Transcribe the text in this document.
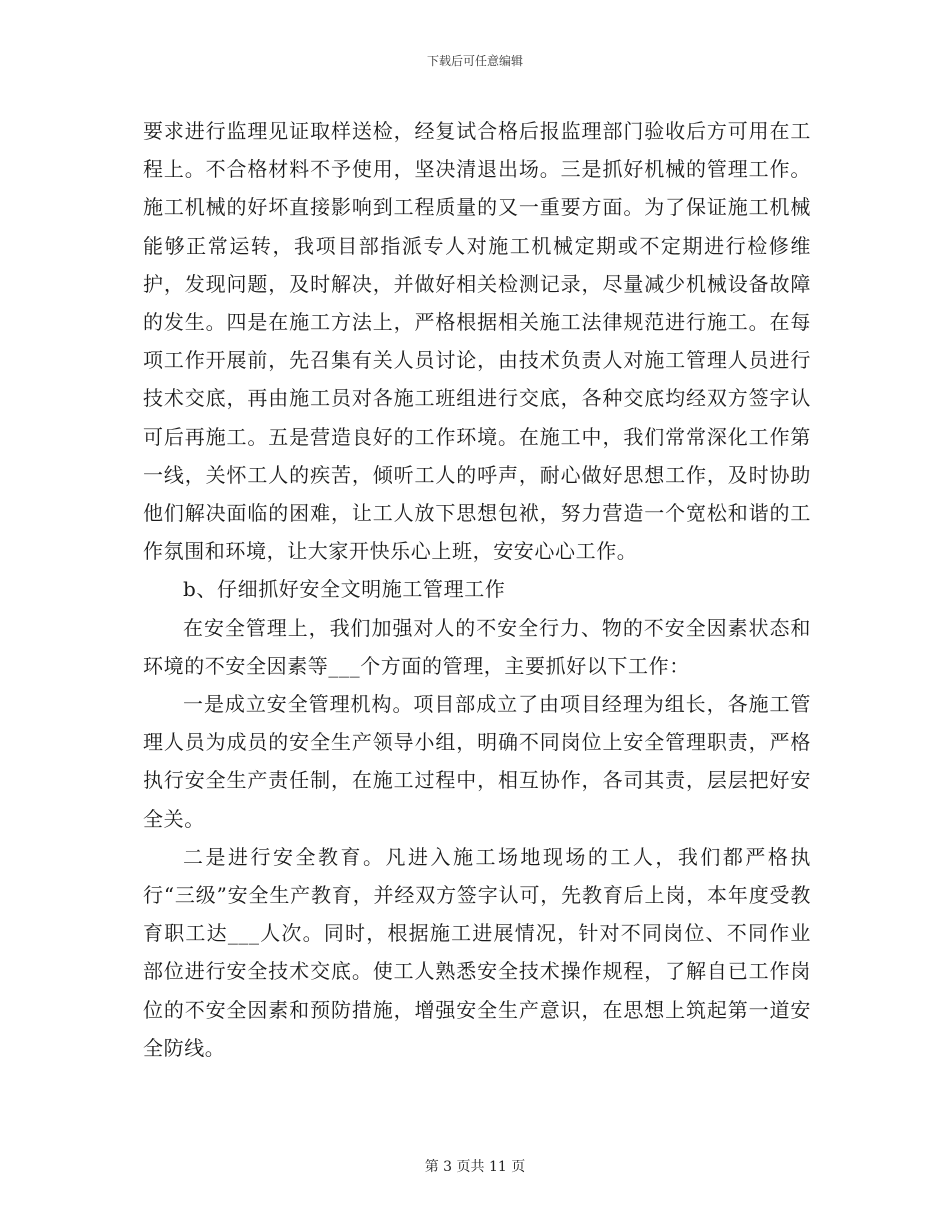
下载后可任意编辑

要求进行监理见证取样送检，经复试合格后报监理部门验收后方可用在工程上。不合格材料不予使用，坚决清退出场。三是抓好机械的管理工作。施工机械的好坏直接影响到工程质量的又一重要方面。为了保证施工机械能够正常运转，我项目部指派专人对施工机械定期或不定期进行检修维护，发现问题，及时解决，并做好相关检测记录，尽量减少机械设备故障的发生。四是在施工方法上，严格根据相关施工法律规范进行施工。在每项工作开展前，先召集有关人员讨论，由技术负责人对施工管理人员进行技术交底，再由施工员对各施工班组进行交底，各种交底均经双方签字认可后再施工。五是营造良好的工作环境。在施工中，我们常常深化工作第一线，关怀工人的疾苦，倾听工人的呼声，耐心做好思想工作，及时协助他们解决面临的困难，让工人放下思想包袱，努力营造一个宽松和谐的工作氛围和环境，让大家开快乐心上班，安安心心工作。

b、仔细抓好安全文明施工管理工作

在安全管理上，我们加强对人的不安全行力、物的不安全因素状态和环境的不安全因素等___个方面的管理，主要抓好以下工作：

一是成立安全管理机构。项目部成立了由项目经理为组长，各施工管理人员为成员的安全生产领导小组，明确不同岗位上安全管理职责，严格执行安全生产责任制，在施工过程中，相互协作，各司其责，层层把好安全关。

二是进行安全教育。凡进入施工场地现场的工人，我们都严格执行“三级”安全生产教育，并经双方签字认可，先教育后上岗，本年度受教育职工达___人次。同时，根据施工进展情况，针对不同岗位、不同作业部位进行安全技术交底。使工人熟悉安全技术操作规程，了解自已工作岗位的不安全因素和预防措施，增强安全生产意识，在思想上筑起第一道安全防线。

第 3 页共 11 页
